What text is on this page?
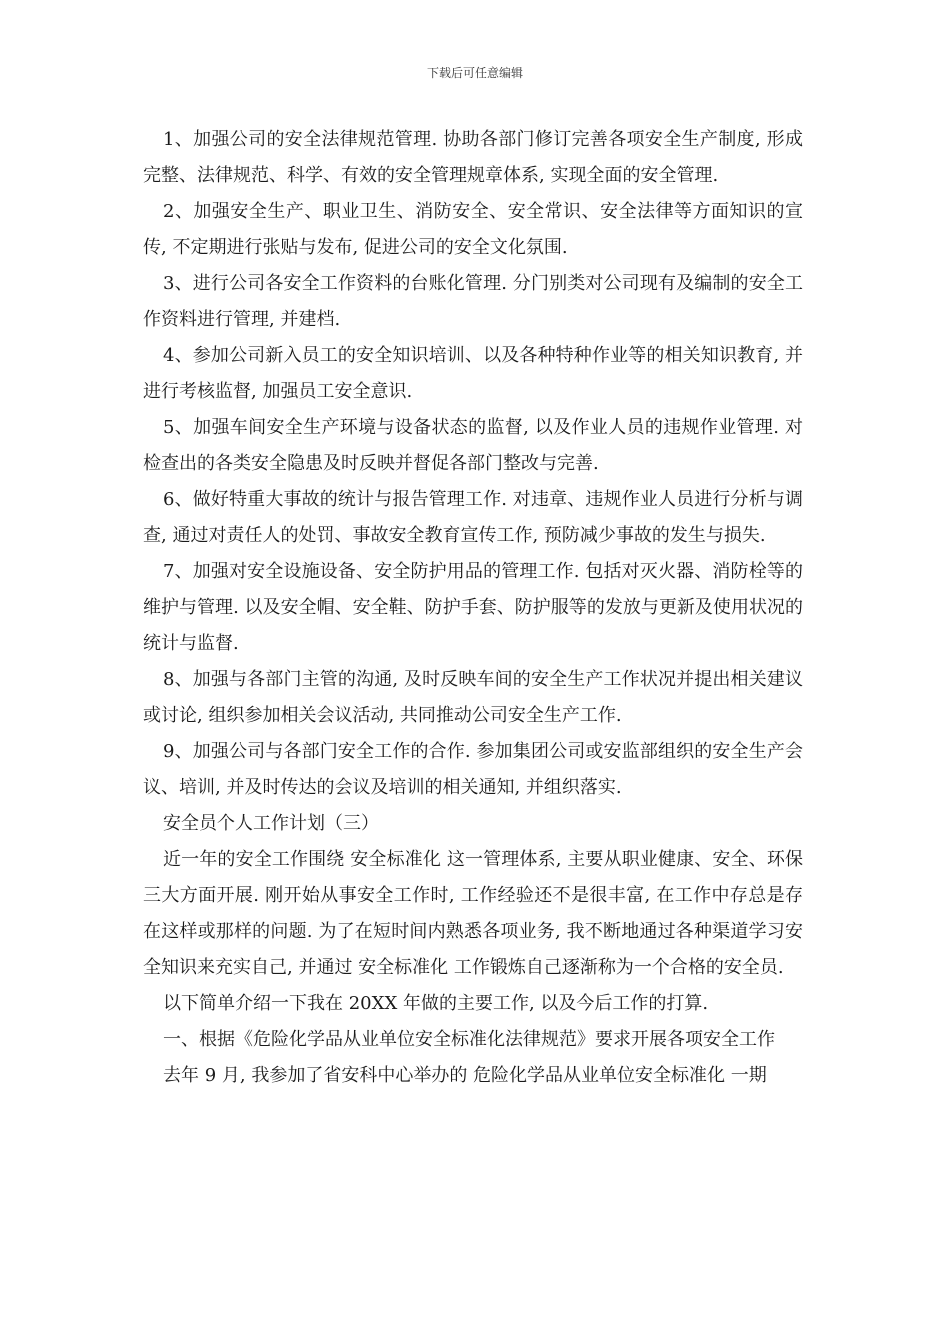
下载后可任意编辑

1、加强公司的安全法律规范管理. 协助各部门修订完善各项安全生产制度, 形成完整、法律规范、科学、有效的安全管理规章体系, 实现全面的安全管理.

2、加强安全生产、职业卫生、消防安全、安全常识、安全法律等方面知识的宣传, 不定期进行张贴与发布, 促进公司的安全文化氛围.

3、进行公司各安全工作资料的台账化管理. 分门别类对公司现有及编制的安全工作资料进行管理, 并建档.

4、参加公司新入员工的安全知识培训、以及各种特种作业等的相关知识教育, 并进行考核监督, 加强员工安全意识.

5、加强车间安全生产环境与设备状态的监督, 以及作业人员的违规作业管理. 对检查出的各类安全隐患及时反映并督促各部门整改与完善.

6、做好特重大事故的统计与报告管理工作. 对违章、违规作业人员进行分析与调查, 通过对责任人的处罚、事故安全教育宣传工作, 预防减少事故的发生与损失.

7、加强对安全设施设备、安全防护用品的管理工作. 包括对灭火器、消防栓等的维护与管理. 以及安全帽、安全鞋、防护手套、防护服等的发放与更新及使用状况的统计与监督.

8、加强与各部门主管的沟通, 及时反映车间的安全生产工作状况并提出相关建议或讨论, 组织参加相关会议活动, 共同推动公司安全生产工作.

9、加强公司与各部门安全工作的合作. 参加集团公司或安监部组织的安全生产会议、培训, 并及时传达的会议及培训的相关通知, 并组织落实.

安全员个人工作计划（三）

近一年的安全工作围绕 安全标准化 这一管理体系, 主要从职业健康、安全、环保三大方面开展. 刚开始从事安全工作时, 工作经验还不是很丰富, 在工作中存总是存在这样或那样的问题. 为了在短时间内熟悉各项业务, 我不断地通过各种渠道学习安全知识来充实自己, 并通过 安全标准化 工作锻炼自己逐渐称为一个合格的安全员.

以下简单介绍一下我在 20XX 年做的主要工作, 以及今后工作的打算.

一、根据《危险化学品从业单位安全标准化法律规范》要求开展各项安全工作

去年 9 月, 我参加了省安科中心举办的 危险化学品从业单位安全标准化 一期
